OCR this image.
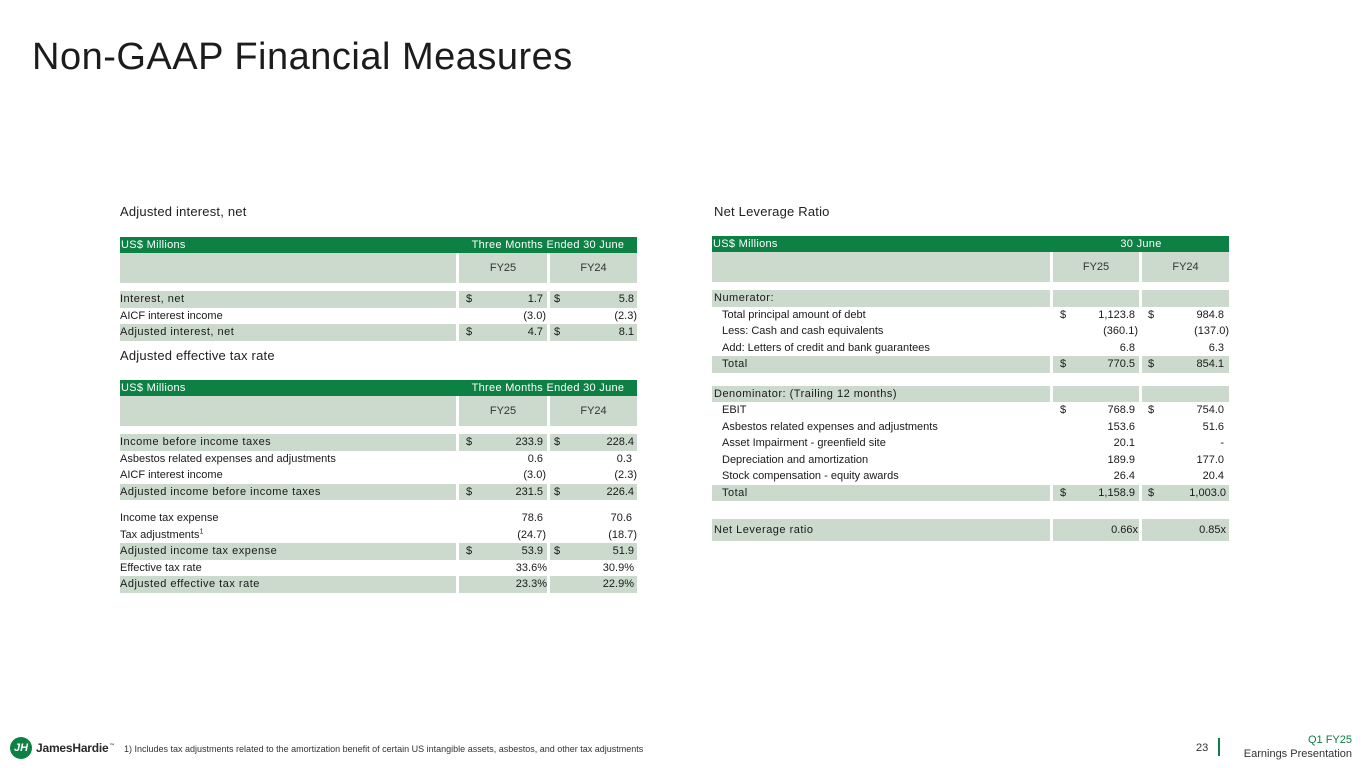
Non-GAAP Financial Measures
Adjusted interest, net
US$ Millions	Three Months Ended 30 June
FY25	FY24
Interest, net	$	1.7 $	5.8
AICF interest income	(3.0)	(2.3)
Adjusted interest, net	$	4.7 $	8.1
Adjusted effective tax rate
US$ Millions	Three Months Ended 30 June
FY25	FY24
Income before income taxes	$	233.9 $	228.4
Asbestos related expenses and adjustments	0.6	0.3
AICF interest income	(3.0)	(2.3)
Adjusted income before income taxes	$	231.5 $	226.4
Income tax expense	78.6	70.6
Tax adjustments$^1$	(24.7)	(18.7)
Adjusted income tax expense	$	53.9 $	51.9
Effective tax rate	33.6%	30.9%
Adjusted effective tax rate	23.3%	22.9%
Net Leverage Ratio
US$ Millions	30 June
FY25	FY24
Numerator:
Total principal amount of debt	$	1,123.8 $	984.8
Less: Cash and cash equivalents	(360.1)	(137.0)
Add: Letters of credit and bank guarantees	6.8	6.3
Total	$	770.5 $	854.1
Denominator: (Trailing 12 months)
EBIT	$	768.9 $	754.0
Asbestos related expenses and adjustments	153.6	51.6
Asset Impairment - greenfield site	20.1	-
Depreciation and amortization	189.9	177.0
Stock compensation - equity awards	26.4	20.4
Total	$	1,158.9 $	1,003.0
Net Leverage ratio	0.66x	0.85x
JH JamesHardie™ 1) Includes tax adjustments related to the amortization benefit of certain US intangible assets, asbestos, and other tax adjustments	23
Q1 FY25
Earnings Presentation
